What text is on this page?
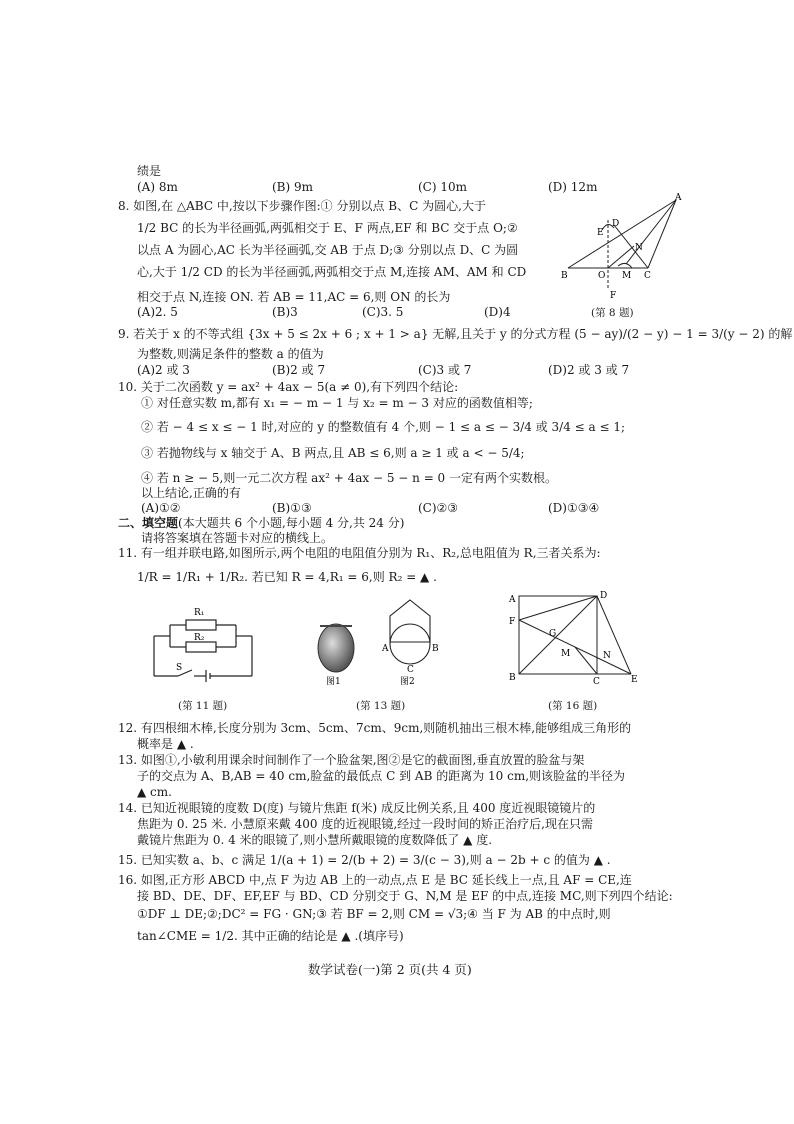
绩是
(A) 8m	(B) 9m	(C) 10m	(D) 12m
8. 如图,在 △ABC 中,按以下步骤作图:① 分别以点 B、C 为圆心,大于
1/2 BC 的长为半径画弧,两弧相交于 E、F 两点,EF 和 BC 交于点 O;②
以点 A 为圆心,AC 长为半径画弧,交 AB 于点 D;③ 分别以点 D、C 为圆
心,大于 1/2 CD 的长为半径画弧,两弧相交于点 M,连接 AM、AM 和 CD
相交于点 N,连接 ON. 若 AB = 11,AC = 6,则 ON 的长为
(A)2. 5	(B)3	(C)3. 5	(D)4
A
E
D
N
B	O M C
F
(第 8 题)
9. 若关于 x 的不等式组 {3x + 5 ≤ 2x + 6 ; x + 1 > a} 无解,且关于 y 的分式方程 (5 − ay)/(2 − y) − 1 = 3/(y − 2) 的解
为整数,则满足条件的整数 a 的值为
(A)2 或 3	(B)2 或 7	(C)3 或 7	(D)2 或 3 或 7
10. 关于二次函数 y = ax² + 4ax − 5(a ≠ 0),有下列四个结论:
① 对任意实数 m,都有 x₁ = − m − 1 与 x₂ = m − 3 对应的函数值相等;
② 若 − 4 ≤ x ≤ − 1 时,对应的 y 的整数值有 4 个,则 − 1 ≤ a ≤ − 3/4 或 3/4 ≤ a ≤ 1;
③ 若抛物线与 x 轴交于 A、B 两点,且 AB ≤ 6,则 a ≥ 1 或 a < − 5/4;
④ 若 n ≥ − 5,则一元二次方程 ax² + 4ax − 5 − n = 0 一定有两个实数根。
以上结论,正确的有
(A)①②	(B)①③	(C)②③	(D)①③④
二、填空题(本大题共 6 个小题,每小题 4 分,共 24 分)
请将答案填在答题卡对应的横线上。
11. 有一组并联电路,如图所示,两个电阻的电阻值分别为 R₁、R₂,总电阻值为 R,三者关系为:
1/R = 1/R₁ + 1/R₂. 若已知 R = 4,R₁ = 6,则 R₂ = ▲ .
R₁
R₂
S
(第 11 题)
A	B
C
图1	图2
(第 13 题)
A	D
F
G
M	N
B	C	E
(第 16 题)
12. 有四根细木棒,长度分别为 3cm、5cm、7cm、9cm,则随机抽出三根木棒,能够组成三角形的
概率是 ▲ .
13. 如图①,小敏利用课余时间制作了一个脸盆架,图②是它的截面图,垂直放置的脸盆与架
子的交点为 A、B,AB = 40 cm,脸盆的最低点 C 到 AB 的距离为 10 cm,则该脸盆的半径为
▲ cm.
14. 已知近视眼镜的度数 D(度) 与镜片焦距 f(米) 成反比例关系,且 400 度近视眼镜镜片的
焦距为 0. 25 米. 小慧原来戴 400 度的近视眼镜,经过一段时间的矫正治疗后,现在只需
戴镜片焦距为 0. 4 米的眼镜了,则小慧所戴眼镜的度数降低了 ▲ 度.
15. 已知实数 a、b、c 满足 1/(a + 1) = 2/(b + 2) = 3/(c − 3),则 a − 2b + c 的值为 ▲ .
16. 如图,正方形 ABCD 中,点 F 为边 AB 上的一动点,点 E 是 BC 延长线上一点,且 AF = CE,连
接 BD、DE、DF、EF,EF 与 BD、CD 分别交于 G、N,M 是 EF 的中点,连接 MC,则下列四个结论:
①DF ⊥ DE;②;DC² = FG · GN;③ 若 BF = 2,则 CM = √3;④ 当 F 为 AB 的中点时,则
tan∠CME = 1/2. 其中正确的结论是 ▲ .(填序号)
数学试卷(一)第 2 页(共 4 页)
